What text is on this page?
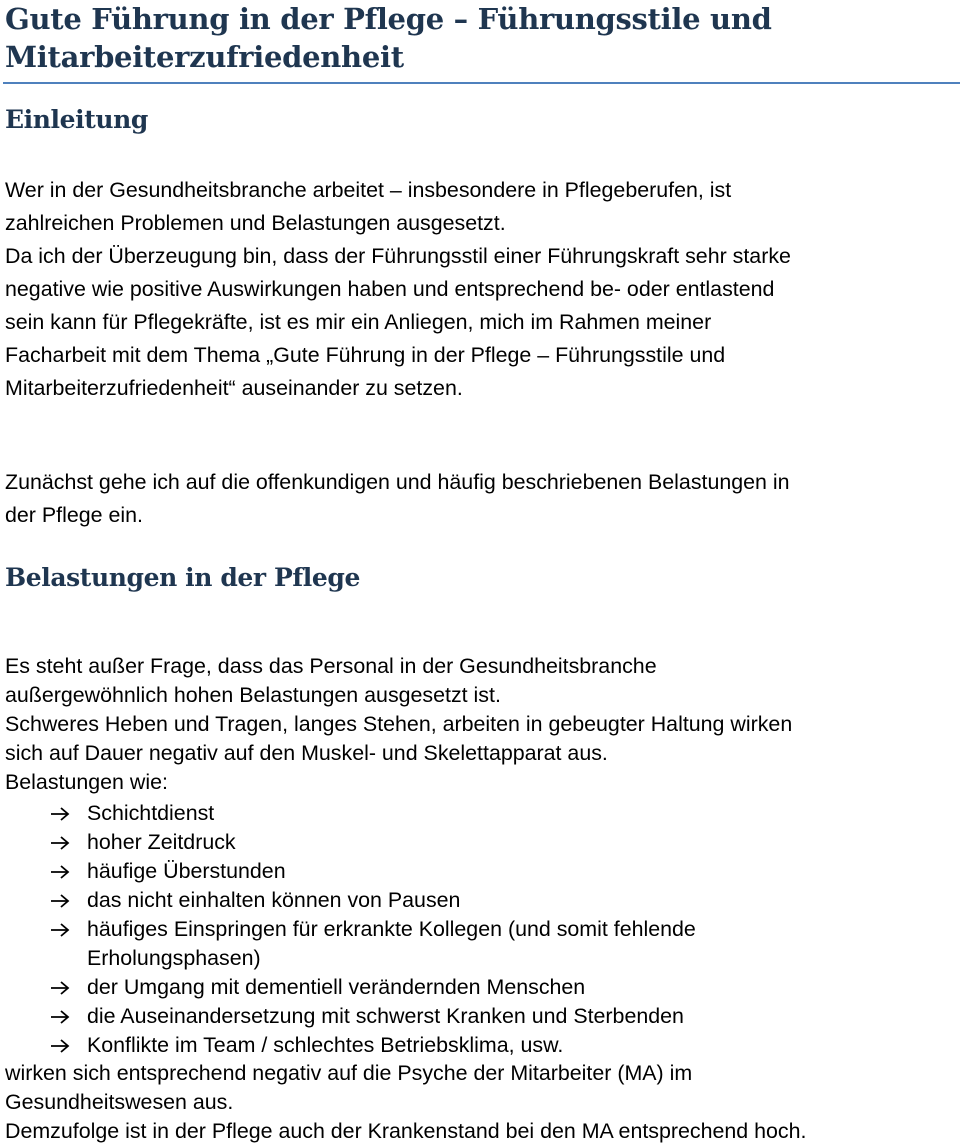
Gute Führung in der Pflege – Führungsstile und
Mitarbeiterzufriedenheit
Einleitung

Wer in der Gesundheitsbranche arbeitet – insbesondere in Pflegeberufen, ist
zahlreichen Problemen und Belastungen ausgesetzt.
Da ich der Überzeugung bin, dass der Führungsstil einer Führungskraft sehr starke
negative wie positive Auswirkungen haben und entsprechend be- oder entlastend
sein kann für Pflegekräfte, ist es mir ein Anliegen, mich im Rahmen meiner
Facharbeit mit dem Thema „Gute Führung in der Pflege – Führungsstile und
Mitarbeiterzufriedenheit“ auseinander zu setzen.

Zunächst gehe ich auf die offenkundigen und häufig beschriebenen Belastungen in
der Pflege ein.

Belastungen in der Pflege

Es steht außer Frage, dass das Personal in der Gesundheitsbranche
außergewöhnlich hohen Belastungen ausgesetzt ist.
Schweres Heben und Tragen, langes Stehen, arbeiten in gebeugter Haltung wirken
sich auf Dauer negativ auf den Muskel- und Skelettapparat aus.
Belastungen wie:

Schichtdienst
hoher Zeitdruck
häufige Überstunden
das nicht einhalten können von Pausen
häufiges Einspringen für erkrankte Kollegen (und somit fehlende
Erholungsphasen)
der Umgang mit dementiell verändernden Menschen
die Auseinandersetzung mit schwerst Kranken und Sterbenden
Konflikte im Team / schlechtes Betriebsklima, usw.

wirken sich entsprechend negativ auf die Psyche der Mitarbeiter (MA) im
Gesundheitswesen aus.
Demzufolge ist in der Pflege auch der Krankenstand bei den MA entsprechend hoch.
